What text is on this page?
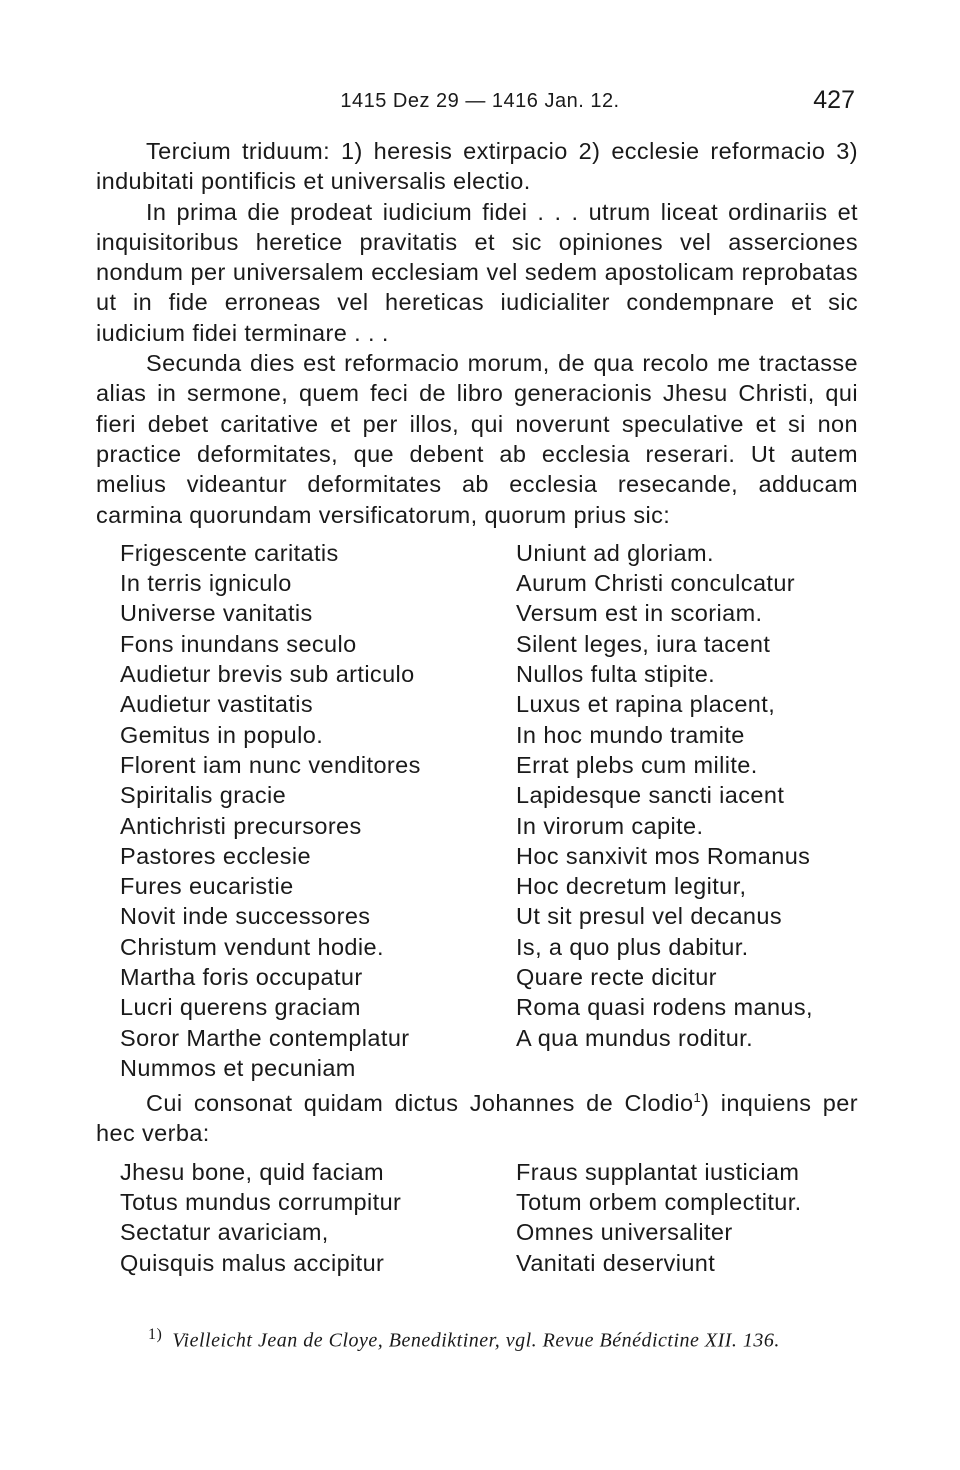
1415 Dez 29 — 1416 Jan. 12.	427

Tercium triduum: 1) heresis extirpacio 2) ecclesie reformacio 3) indubitati pontificis et universalis electio.

In prima die prodeat iudicium fidei . . . utrum liceat ordinariis et inquisitoribus heretice pravitatis et sic opiniones vel asserciones nondum per universalem ecclesiam vel sedem apostolicam reprobatas ut in fide erroneas vel hereticas iudicialiter condempnare et sic iudicium fidei terminare . . .

Secunda dies est reformacio morum, de qua recolo me tractasse alias in sermone, quem feci de libro generacionis Jhesu Christi, qui fieri debet caritative et per illos, qui noverunt speculative et si non practice deformitates, que debent ab ecclesia reserari. Ut autem melius videantur deformitates ab ecclesia resecande, adducam carmina quorundam versificatorum, quorum prius sic:

Frigescente caritatis
In terris igniculo
Universe vanitatis
Fons inundans seculo
Audietur brevis sub articulo
Audietur vastitatis
Gemitus in populo.
Florent iam nunc venditores
Spiritalis gracie
Antichristi precursores
Pastores ecclesie
Fures eucaristie
Novit inde successores
Christum vendunt hodie.
Martha foris occupatur
Lucri querens graciam
Soror Marthe contemplatur
Nummos et pecuniam
Uniunt ad gloriam.
Aurum Christi conculcatur
Versum est in scoriam.
Silent leges, iura tacent
Nullos fulta stipite.
Luxus et rapina placent,
In hoc mundo tramite
Errat plebs cum milite.
Lapidesque sancti iacent
In virorum capite.
Hoc sanxivit mos Romanus
Hoc decretum legitur,
Ut sit presul vel decanus
Is, a quo plus dabitur.
Quare recte dicitur
Roma quasi rodens manus,
A qua mundus roditur.

Cui consonat quidam dictus Johannes de Clodio$^1$) inquiens per hec verba:

Jhesu bone, quid faciam
Totus mundus corrumpitur
Sectatur avariciam,
Quisquis malus accipitur
Fraus supplantat iusticiam
Totum orbem complectitur.
Omnes universaliter
Vanitati deserviunt
$^{1)}$ Vielleicht Jean de Cloye, Benediktiner, vgl. Revue Bénédictine XII. 136.
